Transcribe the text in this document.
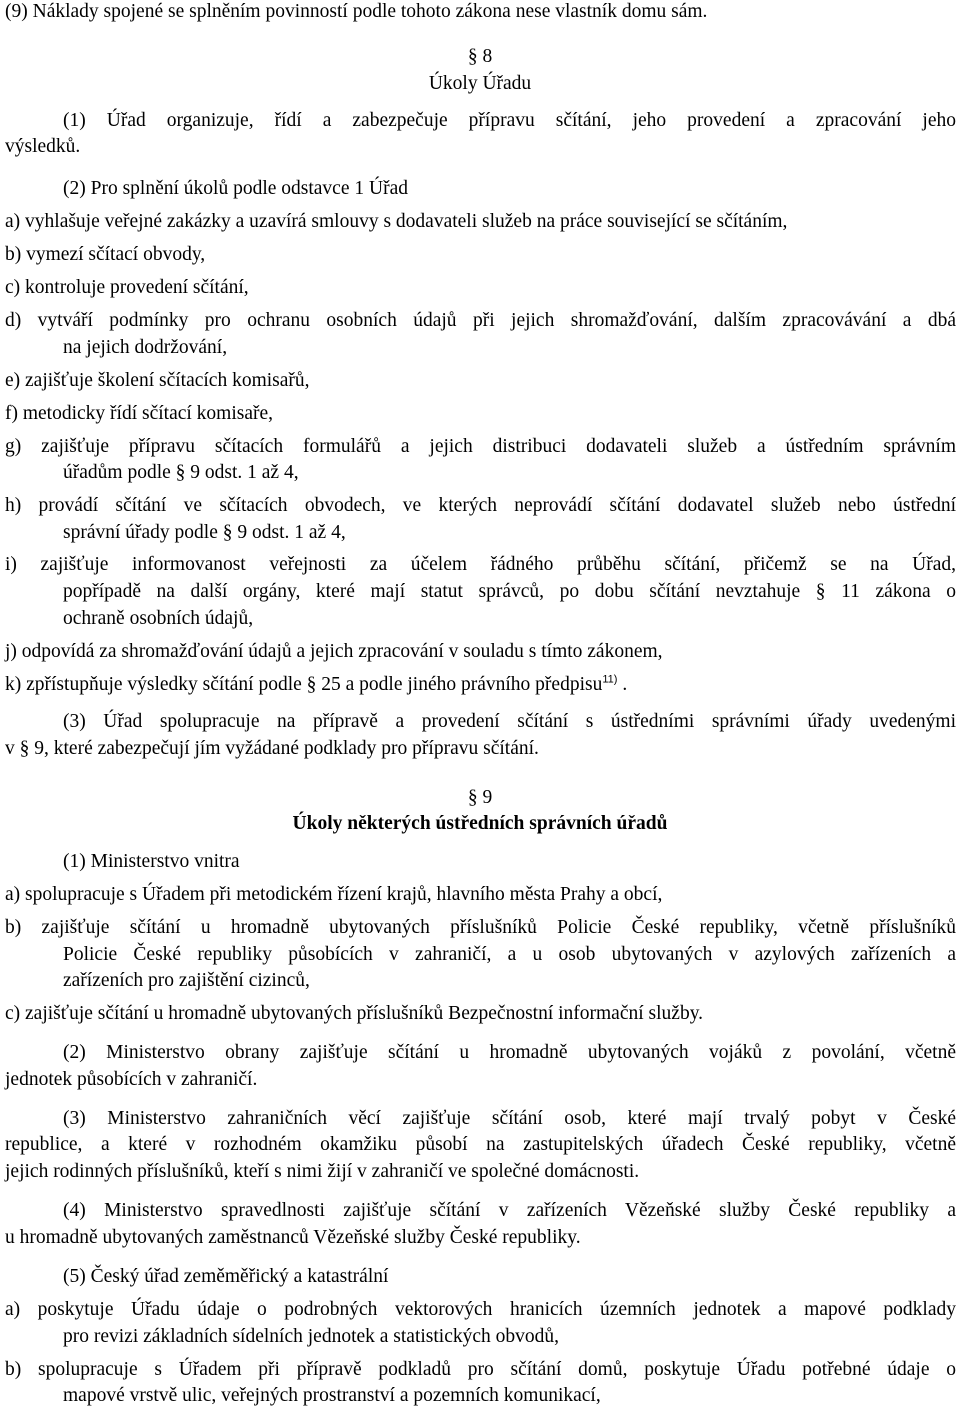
(9) Náklady spojené se splněním povinností podle tohoto zákona nese vlastník domu sám.
§ 8
Úkoly Úřadu
(1) Úřad organizuje, řídí a zabezpečuje přípravu sčítání, jeho provedení a zpracování jeho
výsledků.
(2) Pro splnění úkolů podle odstavce 1 Úřad
a) vyhlašuje veřejné zakázky a uzavírá smlouvy s dodavateli služeb na práce související se sčítáním,
b) vymezí sčítací obvody,
c) kontroluje provedení sčítání,
d) vytváří podmínky pro ochranu osobních údajů při jejich shromažďování, dalším zpracovávání a dbá
na jejich dodržování,
e) zajišťuje školení sčítacích komisařů,
f) metodicky řídí sčítací komisaře,
g) zajišťuje přípravu sčítacích formulářů a jejich distribuci dodavateli služeb a ústředním správním
úřadům podle § 9 odst. 1 až 4,
h) provádí sčítání ve sčítacích obvodech, ve kterých neprovádí sčítání dodavatel služeb nebo ústřední
správní úřady podle § 9 odst. 1 až 4,
i) zajišťuje informovanost veřejnosti za účelem řádného průběhu sčítání, přičemž se na Úřad,
popřípadě na další orgány, které mají statut správců, po dobu sčítání nevztahuje § 11 zákona o
ochraně osobních údajů,
j) odpovídá za shromažďování údajů a jejich zpracování v souladu s tímto zákonem,
k) zpřístupňuje výsledky sčítání podle § 25 a podle jiného právního předpisu$^{11)}$ .
(3) Úřad spolupracuje na přípravě a provedení sčítání s ústředními správními úřady uvedenými
v § 9, které zabezpečují jím vyžádané podklady pro přípravu sčítání.
§ 9
Úkoly některých ústředních správních úřadů
(1) Ministerstvo vnitra
a) spolupracuje s Úřadem při metodickém řízení krajů, hlavního města Prahy a obcí,
b) zajišťuje sčítání u hromadně ubytovaných příslušníků Policie České republiky, včetně příslušníků
Policie České republiky působících v zahraničí, a u osob ubytovaných v azylových zařízeních a
zařízeních pro zajištění cizinců,
c) zajišťuje sčítání u hromadně ubytovaných příslušníků Bezpečnostní informační služby.
(2) Ministerstvo obrany zajišťuje sčítání u hromadně ubytovaných vojáků z povolání, včetně
jednotek působících v zahraničí.
(3) Ministerstvo zahraničních věcí zajišťuje sčítání osob, které mají trvalý pobyt v České
republice, a které v rozhodném okamžiku působí na zastupitelských úřadech České republiky, včetně
jejich rodinných příslušníků, kteří s nimi žijí v zahraničí ve společné domácnosti.
(4) Ministerstvo spravedlnosti zajišťuje sčítání v zařízeních Vězeňské služby České republiky a
u hromadně ubytovaných zaměstnanců Vězeňské služby České republiky.
(5) Český úřad zeměměřický a katastrální
a) poskytuje Úřadu údaje o podrobných vektorových hranicích územních jednotek a mapové podklady
pro revizi základních sídelních jednotek a statistických obvodů,
b) spolupracuje s Úřadem při přípravě podkladů pro sčítání domů, poskytuje Úřadu potřebné údaje o
mapové vrstvě ulic, veřejných prostranství a pozemních komunikací,
